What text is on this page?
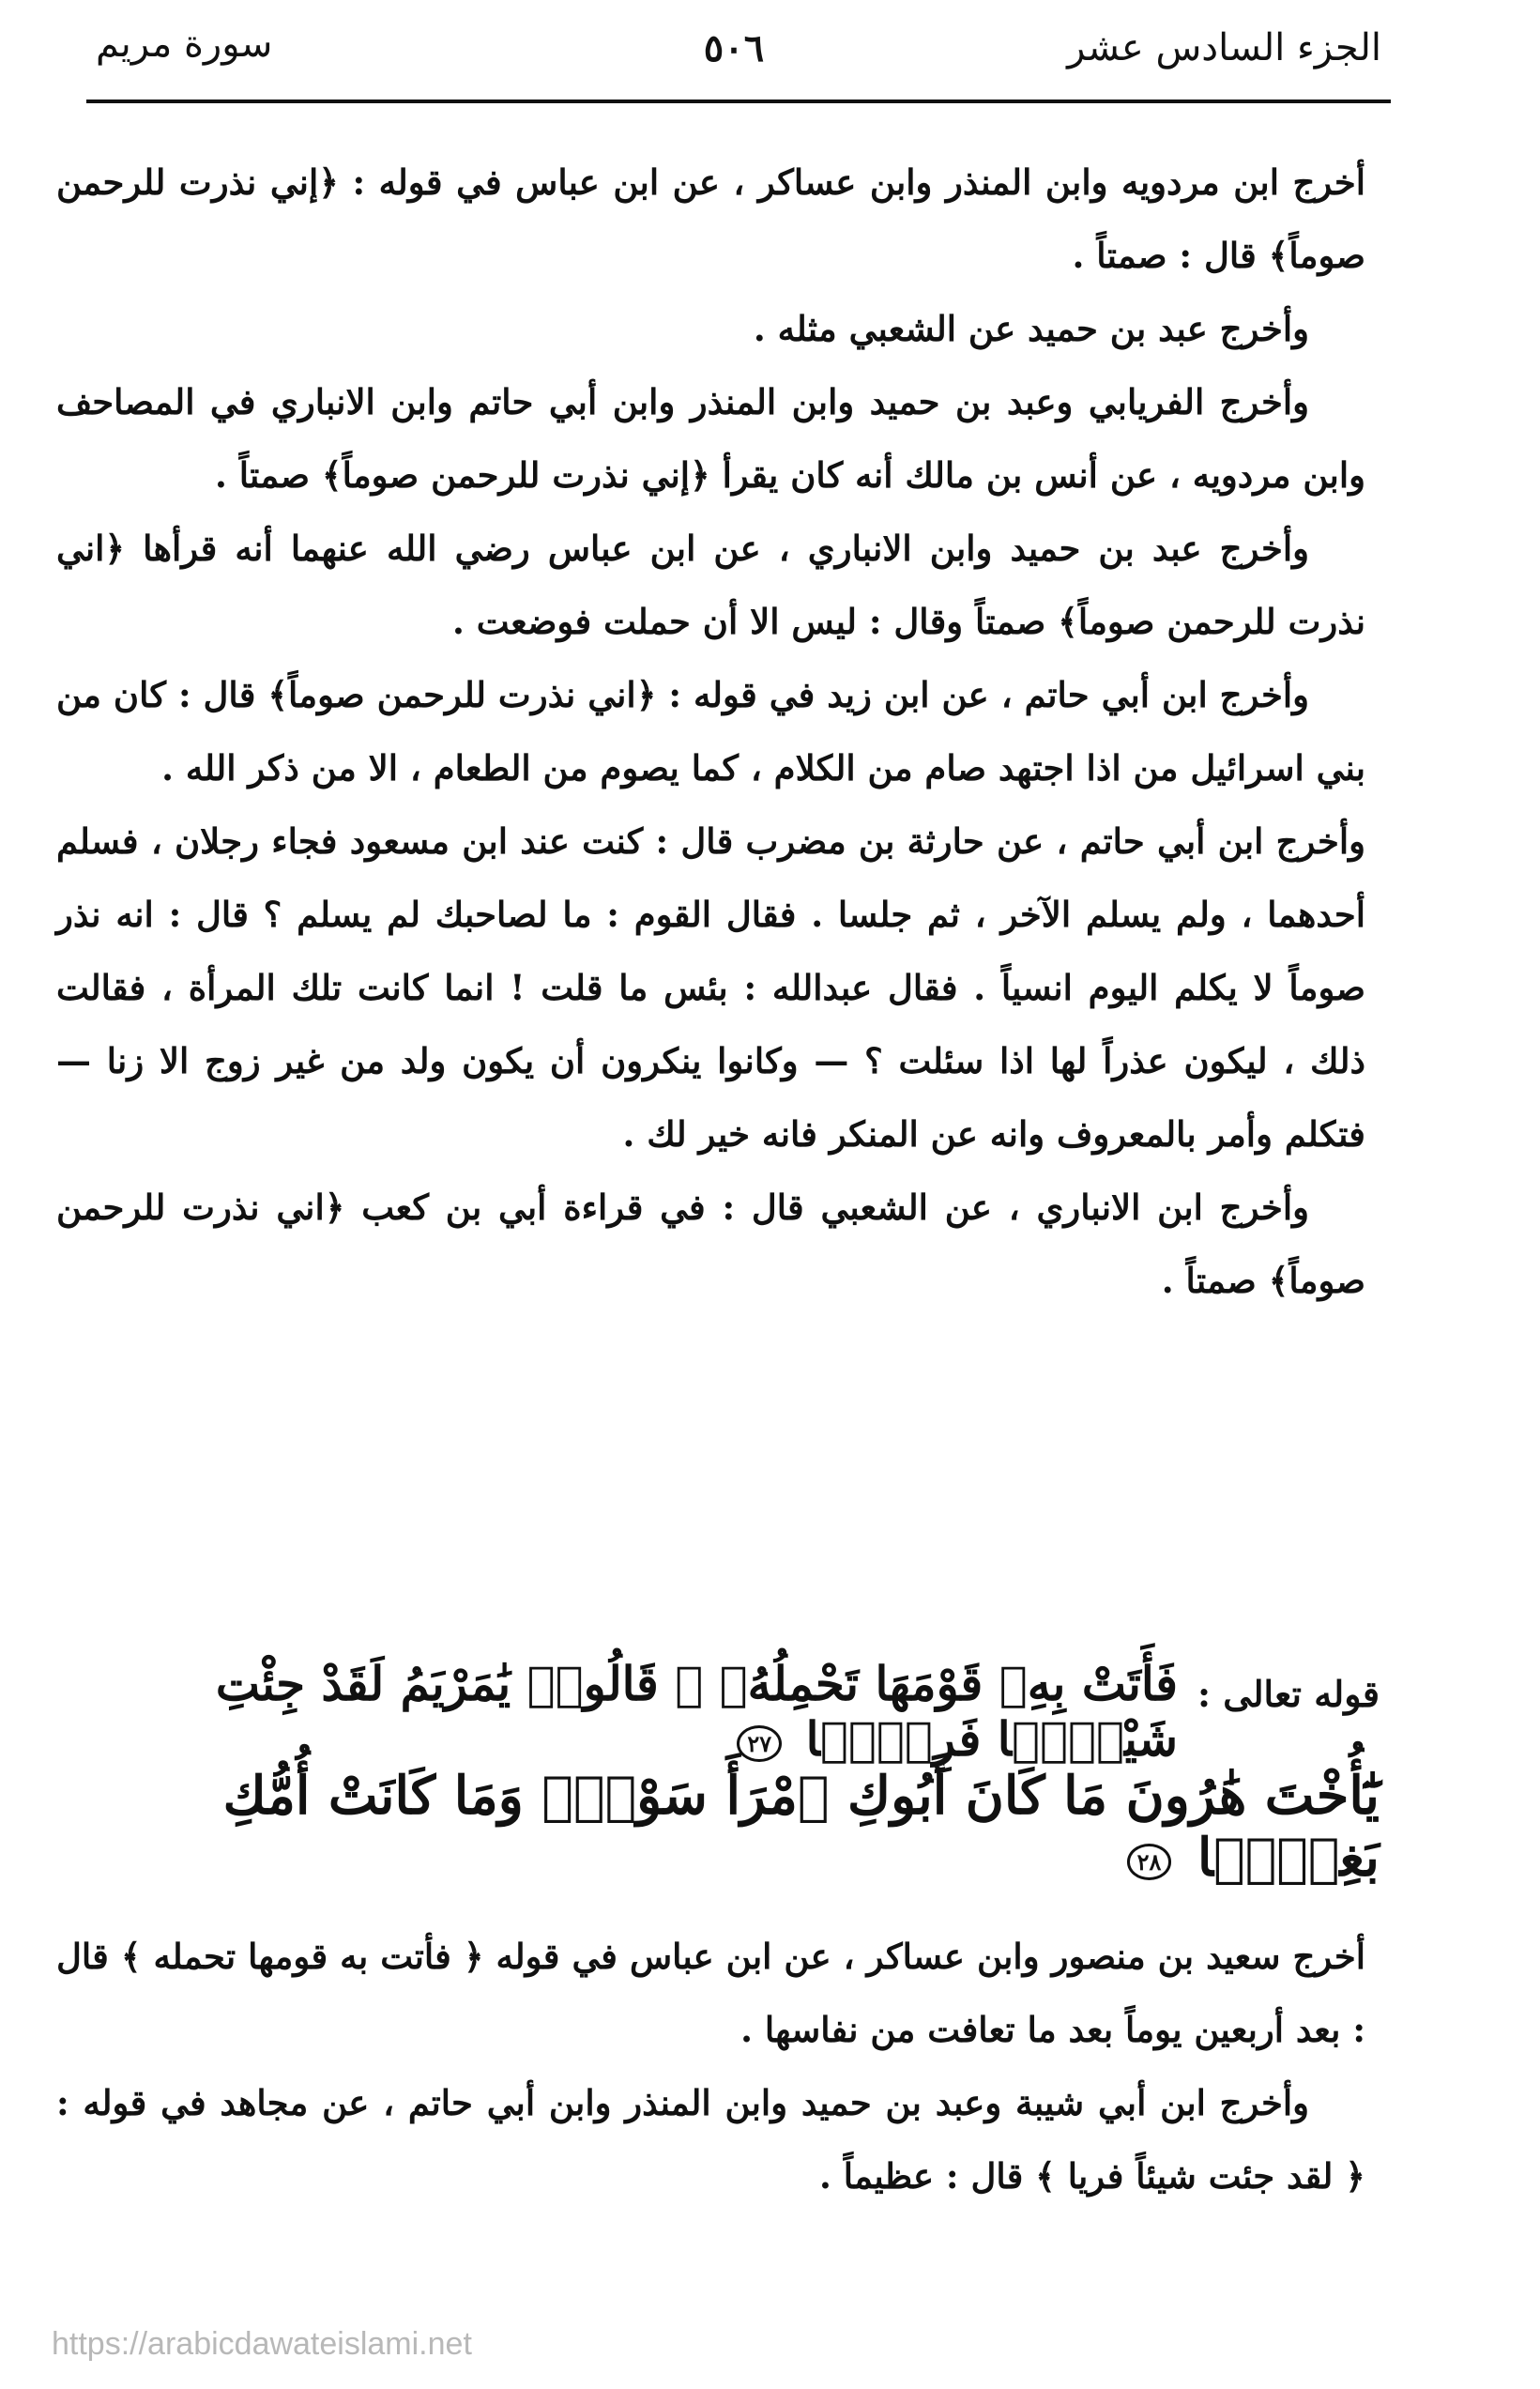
الجزء السادس عشر
٥٠٦
سورة مريم

أخرج ابن مردويه وابن المنذر وابن عساكر ، عن ابن عباس في قوله : ﴿إني نذرت للرحمن صوماً﴾ قال : صمتاً .

وأخرج عبد بن حميد عن الشعبي مثله .

وأخرج الفريابي وعبد بن حميد وابن المنذر وابن أبي حاتم وابن الانباري في المصاحف وابن مردويه ، عن أنس بن مالك أنه كان يقرأ ﴿إني نذرت للرحمن صوماً﴾ صمتاً .

وأخرج عبد بن حميد وابن الانباري ، عن ابن عباس رضي الله عنهما أنه قرأها ﴿اني نذرت للرحمن صوماً﴾ صمتاً وقال : ليس الا أن حملت فوضعت .

وأخرج ابن أبي حاتم ، عن ابن زيد في قوله : ﴿اني نذرت للرحمن صوماً﴾ قال : كان من بني اسرائيل من اذا اجتهد صام من الكلام ، كما يصوم من الطعام ، الا من ذكر الله .

وأخرج ابن أبي حاتم ، عن حارثة بن مضرب قال : كنت عند ابن مسعود فجاء رجلان ، فسلم أحدهما ، ولم يسلم الآخر ، ثم جلسا . فقال القوم : ما لصاحبك لم يسلم ؟ قال : انه نذر صوماً لا يكلم اليوم انسياً . فقال عبدالله : بئس ما قلت ! انما كانت تلك المرأة ، فقالت ذلك ، ليكون عذراً لها اذا سئلت ؟ — وكانوا ينكرون أن يكون ولد من غير زوج الا زنا — فتكلم وأمر بالمعروف وانه عن المنكر فانه خير لك .

وأخرج ابن الانباري ، عن الشعبي قال : في قراءة أبي بن كعب ﴿اني نذرت للرحمن صوماً﴾ صمتاً .

قوله تعالى :
فَأَتَتْ بِهِۦ قَوْمَهَا تَحْمِلُهُۥ ۖ قَالُوا۟ يَٰمَرْيَمُ لَقَدْ جِئْتِ شَيْـًۭٔا فَرِيًّۭا ٢٧
يَٰٓأُخْتَ هَٰرُونَ مَا كَانَ أَبُوكِ ٱمْرَأَ سَوْءٍۢ وَمَا كَانَتْ أُمُّكِ بَغِيًّۭا ٢٨

أخرج سعيد بن منصور وابن عساكر ، عن ابن عباس في قوله ﴿ فأتت به قومها تحمله ﴾ قال : بعد أربعين يوماً بعد ما تعافت من نفاسها .

وأخرج ابن أبي شيبة وعبد بن حميد وابن المنذر وابن أبي حاتم ، عن مجاهد في قوله : ﴿ لقد جئت شيئاً فريا ﴾ قال : عظيماً .

https://arabicdawateislami.net
